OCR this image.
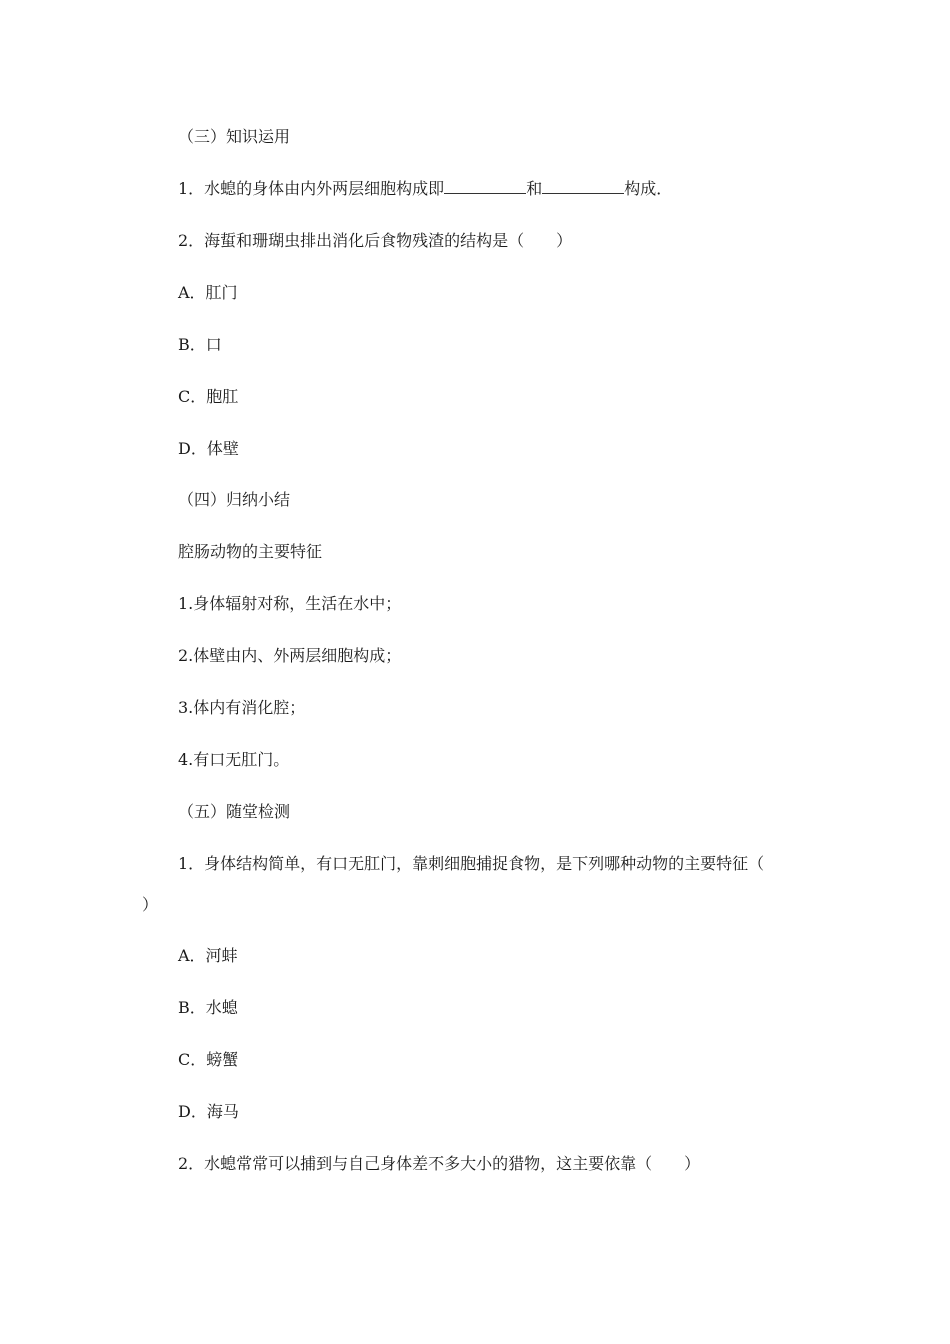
（三）知识运用
1．水螅的身体由内外两层细胞构成即	和	构成．
2．海蜇和珊瑚虫排出消化后食物残渣的结构是（　　）
A．肛门
B．口
C．胞肛
D．体壁
（四）归纳小结
腔肠动物的主要特征
1.身体辐射对称，生活在水中；
2.体壁由内、外两层细胞构成；
3.体内有消化腔；
4.有口无肛门。
（五）随堂检测
1．身体结构简单，有口无肛门，靠刺细胞捕捉食物，是下列哪种动物的主要特征（
）
A．河蚌
B．水螅
C．螃蟹
D．海马
2．水螅常常可以捕到与自己身体差不多大小的猎物，这主要依靠（　　）
